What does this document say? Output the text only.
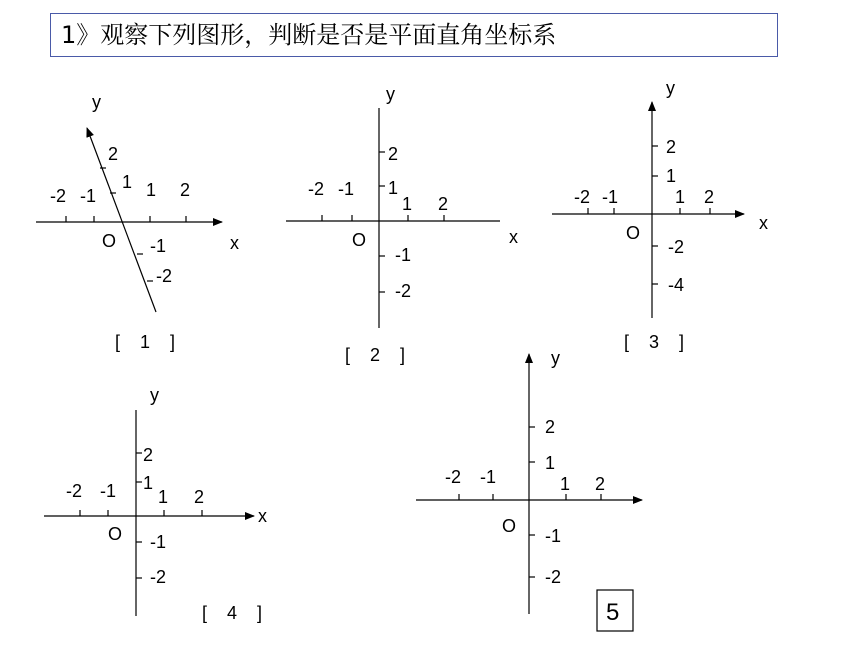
1》观察下列图形，判断是否是平面直角坐标系
x
y
O
-2 -1	1 2
2
1
-1
-2
[    1    ]
x
y
O
-2 -1
1 2
2
1
-1
-2
[    2    ]
x
y
O
-2 -1	1 2
2
1
-2
-4
[    3    ]
x
y
O
-2 -1 1 2
2
1
-1
-2
[    4    ]
y
O
-2 -1	1 2
2
1
-1
-2
5
